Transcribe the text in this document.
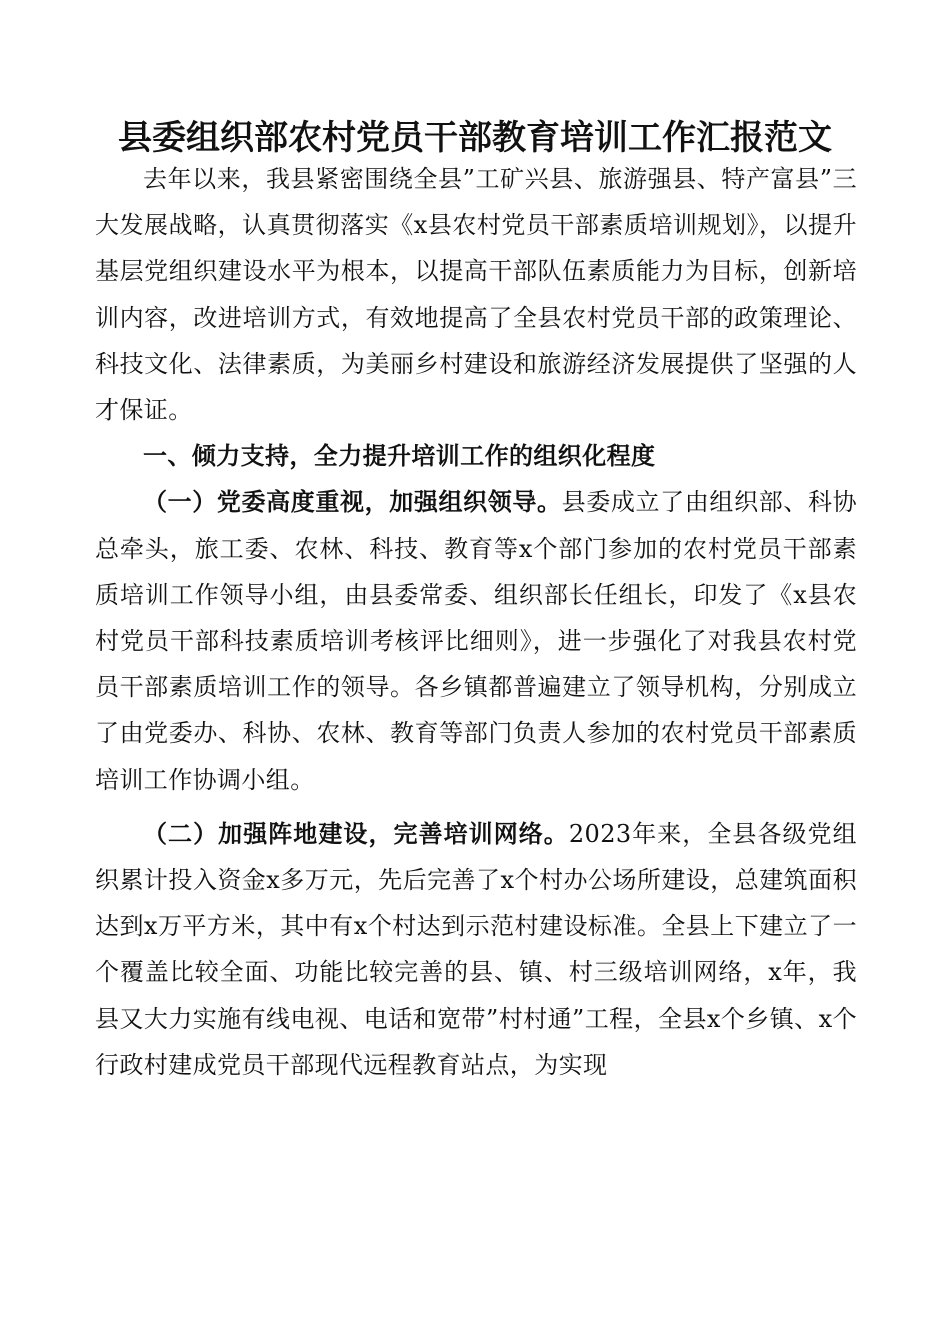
县委组织部农村党员干部教育培训工作汇报范文

去年以来，我县紧密围绕全县”工矿兴县、旅游强县、特产富县”三大发展战略，认真贯彻落实《x县农村党员干部素质培训规划》，以提升基层党组织建设水平为根本，以提高干部队伍素质能力为目标，创新培训内容，改进培训方式，有效地提高了全县农村党员干部的政策理论、科技文化、法律素质，为美丽乡村建设和旅游经济发展提供了坚强的人才保证。

一、倾力支持，全力提升培训工作的组织化程度

（一）党委高度重视，加强组织领导。县委成立了由组织部、科协总牵头，旅工委、农林、科技、教育等x个部门参加的农村党员干部素质培训工作领导小组，由县委常委、组织部长任组长，印发了《x县农村党员干部科技素质培训考核评比细则》，进一步强化了对我县农村党员干部素质培训工作的领导。各乡镇都普遍建立了领导机构，分别成立了由党委办、科协、农林、教育等部门负责人参加的农村党员干部素质培训工作协调小组。

（二）加强阵地建设，完善培训网络。2023年来，全县各级党组织累计投入资金x多万元，先后完善了x个村办公场所建设，总建筑面积达到x万平方米，其中有x个村达到示范村建设标准。全县上下建立了一个覆盖比较全面、功能比较完善的县、镇、村三级培训网络，x年，我县又大力实施有线电视、电话和宽带”村村通”工程，全县x个乡镇、x个行政村建成党员干部现代远程教育站点，为实现
